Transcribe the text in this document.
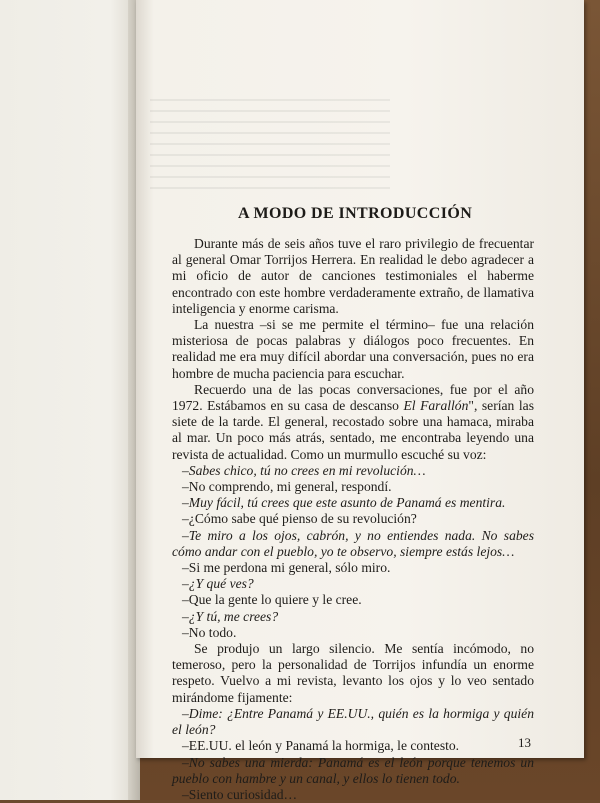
A MODO DE INTRODUCCIÓN

Durante más de seis años tuve el raro privilegio de frecuentar al general Omar Torrijos Herrera. En realidad le debo agradecer a mi oficio de autor de canciones testimoniales el haberme encontrado con este hombre verdaderamente extraño, de llamativa inteligencia y enorme carisma.

La nuestra –si se me permite el término– fue una relación misteriosa de pocas palabras y diálogos poco frecuentes. En realidad me era muy difícil abordar una conversación, pues no era hombre de mucha paciencia para escuchar.

Recuerdo una de las pocas conversaciones, fue por el año 1972. Estábamos en su casa de descanso El Farallón", serían las siete de la tarde. El general, recostado sobre una hamaca, miraba al mar. Un poco más atrás, sentado, me encontraba leyendo una revista de actualidad. Como un murmullo escuché su voz:

–Sabes chico, tú no crees en mi revolución…

–No comprendo, mi general, respondí.

–Muy fácil, tú crees que este asunto de Panamá es mentira.

–¿Cómo sabe qué pienso de su revolución?

–Te miro a los ojos, cabrón, y no entiendes nada. No sabes cómo andar con el pueblo, yo te observo, siempre estás lejos…

–Si me perdona mi general, sólo miro.

–¿Y qué ves?

–Que la gente lo quiere y le cree.

–¿Y tú, me crees?

–No todo.

Se produjo un largo silencio. Me sentía incómodo, no temeroso, pero la personalidad de Torrijos infundía un enorme respeto. Vuelvo a mi revista, levanto los ojos y lo veo sentado mirándome fijamente:

–Dime: ¿Entre Panamá y EE.UU., quién es la hormiga y quién el león?

–EE.UU. el león y Panamá la hormiga, le contesto.

–No sabes una mierda: Panamá es el león porque tenemos un pueblo con hambre y un canal, y ellos lo tienen todo.

–Siento curiosidad…

13
